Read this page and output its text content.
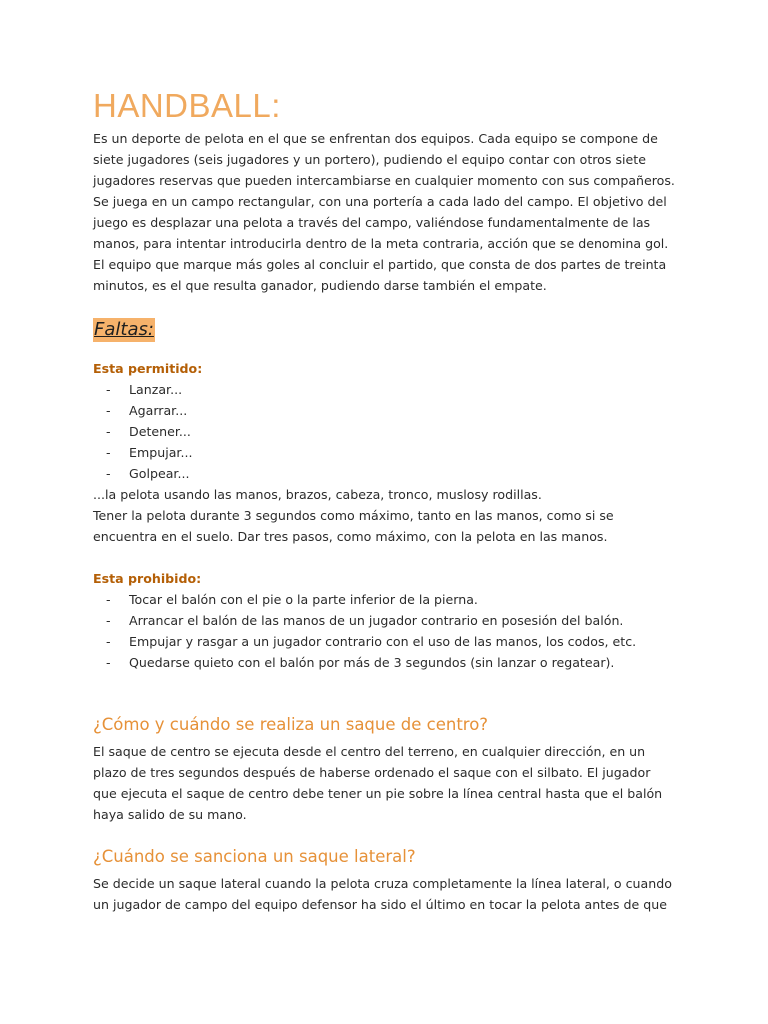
HANDBALL:

Es un deporte de pelota en el que se enfrentan dos equipos. Cada equipo se compone de
siete jugadores (seis jugadores y un portero), pudiendo el equipo contar con otros siete
jugadores reservas que pueden intercambiarse en cualquier momento con sus compañeros.
Se juega en un campo rectangular, con una portería a cada lado del campo. El objetivo del
juego es desplazar una pelota a través del campo, valiéndose fundamentalmente de las
manos, para intentar introducirla dentro de la meta contraria, acción que se denomina gol.
El equipo que marque más goles al concluir el partido, que consta de dos partes de treinta
minutos, es el que resulta ganador, pudiendo darse también el empate.

Faltas:

Esta permitido:

- Lanzar...
- Agarrar...
- Detener...
- Empujar...
- Golpear...

...la pelota usando las manos, brazos, cabeza, tronco, muslosy rodillas.
Tener la pelota durante 3 segundos como máximo, tanto en las manos, como si se
encuentra en el suelo. Dar tres pasos, como máximo, con la pelota en las manos.

Esta prohibido:

- Tocar el balón con el pie o la parte inferior de la pierna.
- Arrancar el balón de las manos de un jugador contrario en posesión del balón.
- Empujar y rasgar a un jugador contrario con el uso de las manos, los codos, etc.
- Quedarse quieto con el balón por más de 3 segundos (sin lanzar o regatear).
¿Cómo y cuándo se realiza un saque de centro?

El saque de centro se ejecuta desde el centro del terreno, en cualquier dirección, en un
plazo de tres segundos después de haberse ordenado el saque con el silbato. El jugador
que ejecuta el saque de centro debe tener un pie sobre la línea central hasta que el balón
haya salido de su mano.

¿Cuándo se sanciona un saque lateral?

Se decide un saque lateral cuando la pelota cruza completamente la línea lateral, o cuando
un jugador de campo del equipo defensor ha sido el último en tocar la pelota antes de que
